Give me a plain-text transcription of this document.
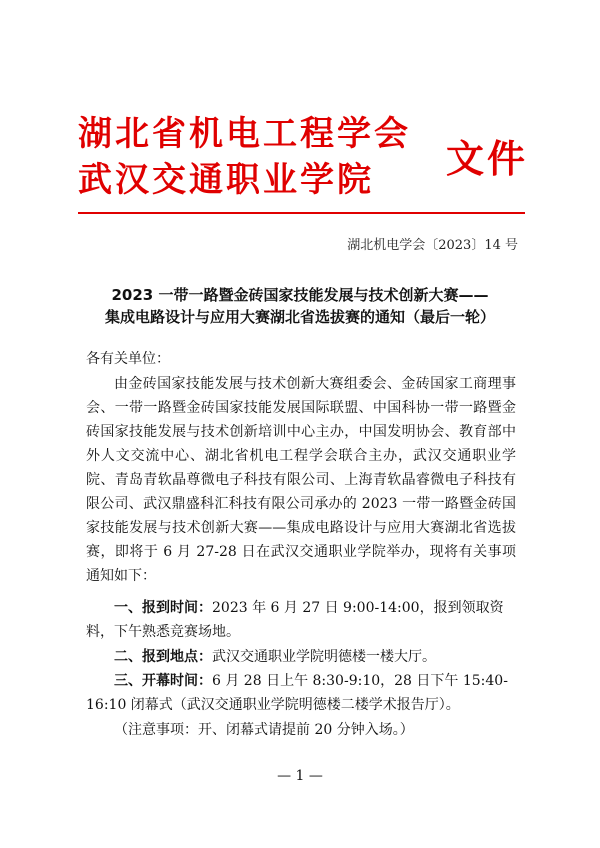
湖北省机电工程学会
武汉交通职业学院 文件
湖北机电学会〔2023〕14 号
2023 一带一路暨金砖国家技能发展与技术创新大赛——
集成电路设计与应用大赛湖北省选拔赛的通知（最后一轮）
各有关单位：
由金砖国家技能发展与技术创新大赛组委会、金砖国家工商理事会、一带一路暨金砖国家技能发展国际联盟、中国科协一带一路暨金砖国家技能发展与技术创新培训中心主办，中国发明协会、教育部中外人文交流中心、湖北省机电工程学会联合主办，武汉交通职业学院、青岛青软晶尊微电子科技有限公司、上海青软晶睿微电子科技有限公司、武汉鼎盛科汇科技有限公司承办的 2023 一带一路暨金砖国家技能发展与技术创新大赛——集成电路设计与应用大赛湖北省选拔赛，即将于 6 月 27-28 日在武汉交通职业学院举办，现将有关事项通知如下：
一、报到时间：2023 年 6 月 27 日 9:00-14:00，报到领取资料，下午熟悉竞赛场地。
二、报到地点：武汉交通职业学院明德楼一楼大厅。
三、开幕时间：6 月 28 日上午 8:30-9:10，28 日下午 15:40-16:10 闭幕式（武汉交通职业学院明德楼二楼学术报告厅）。
（注意事项：开、闭幕式请提前 20 分钟入场。）
— 1 —
